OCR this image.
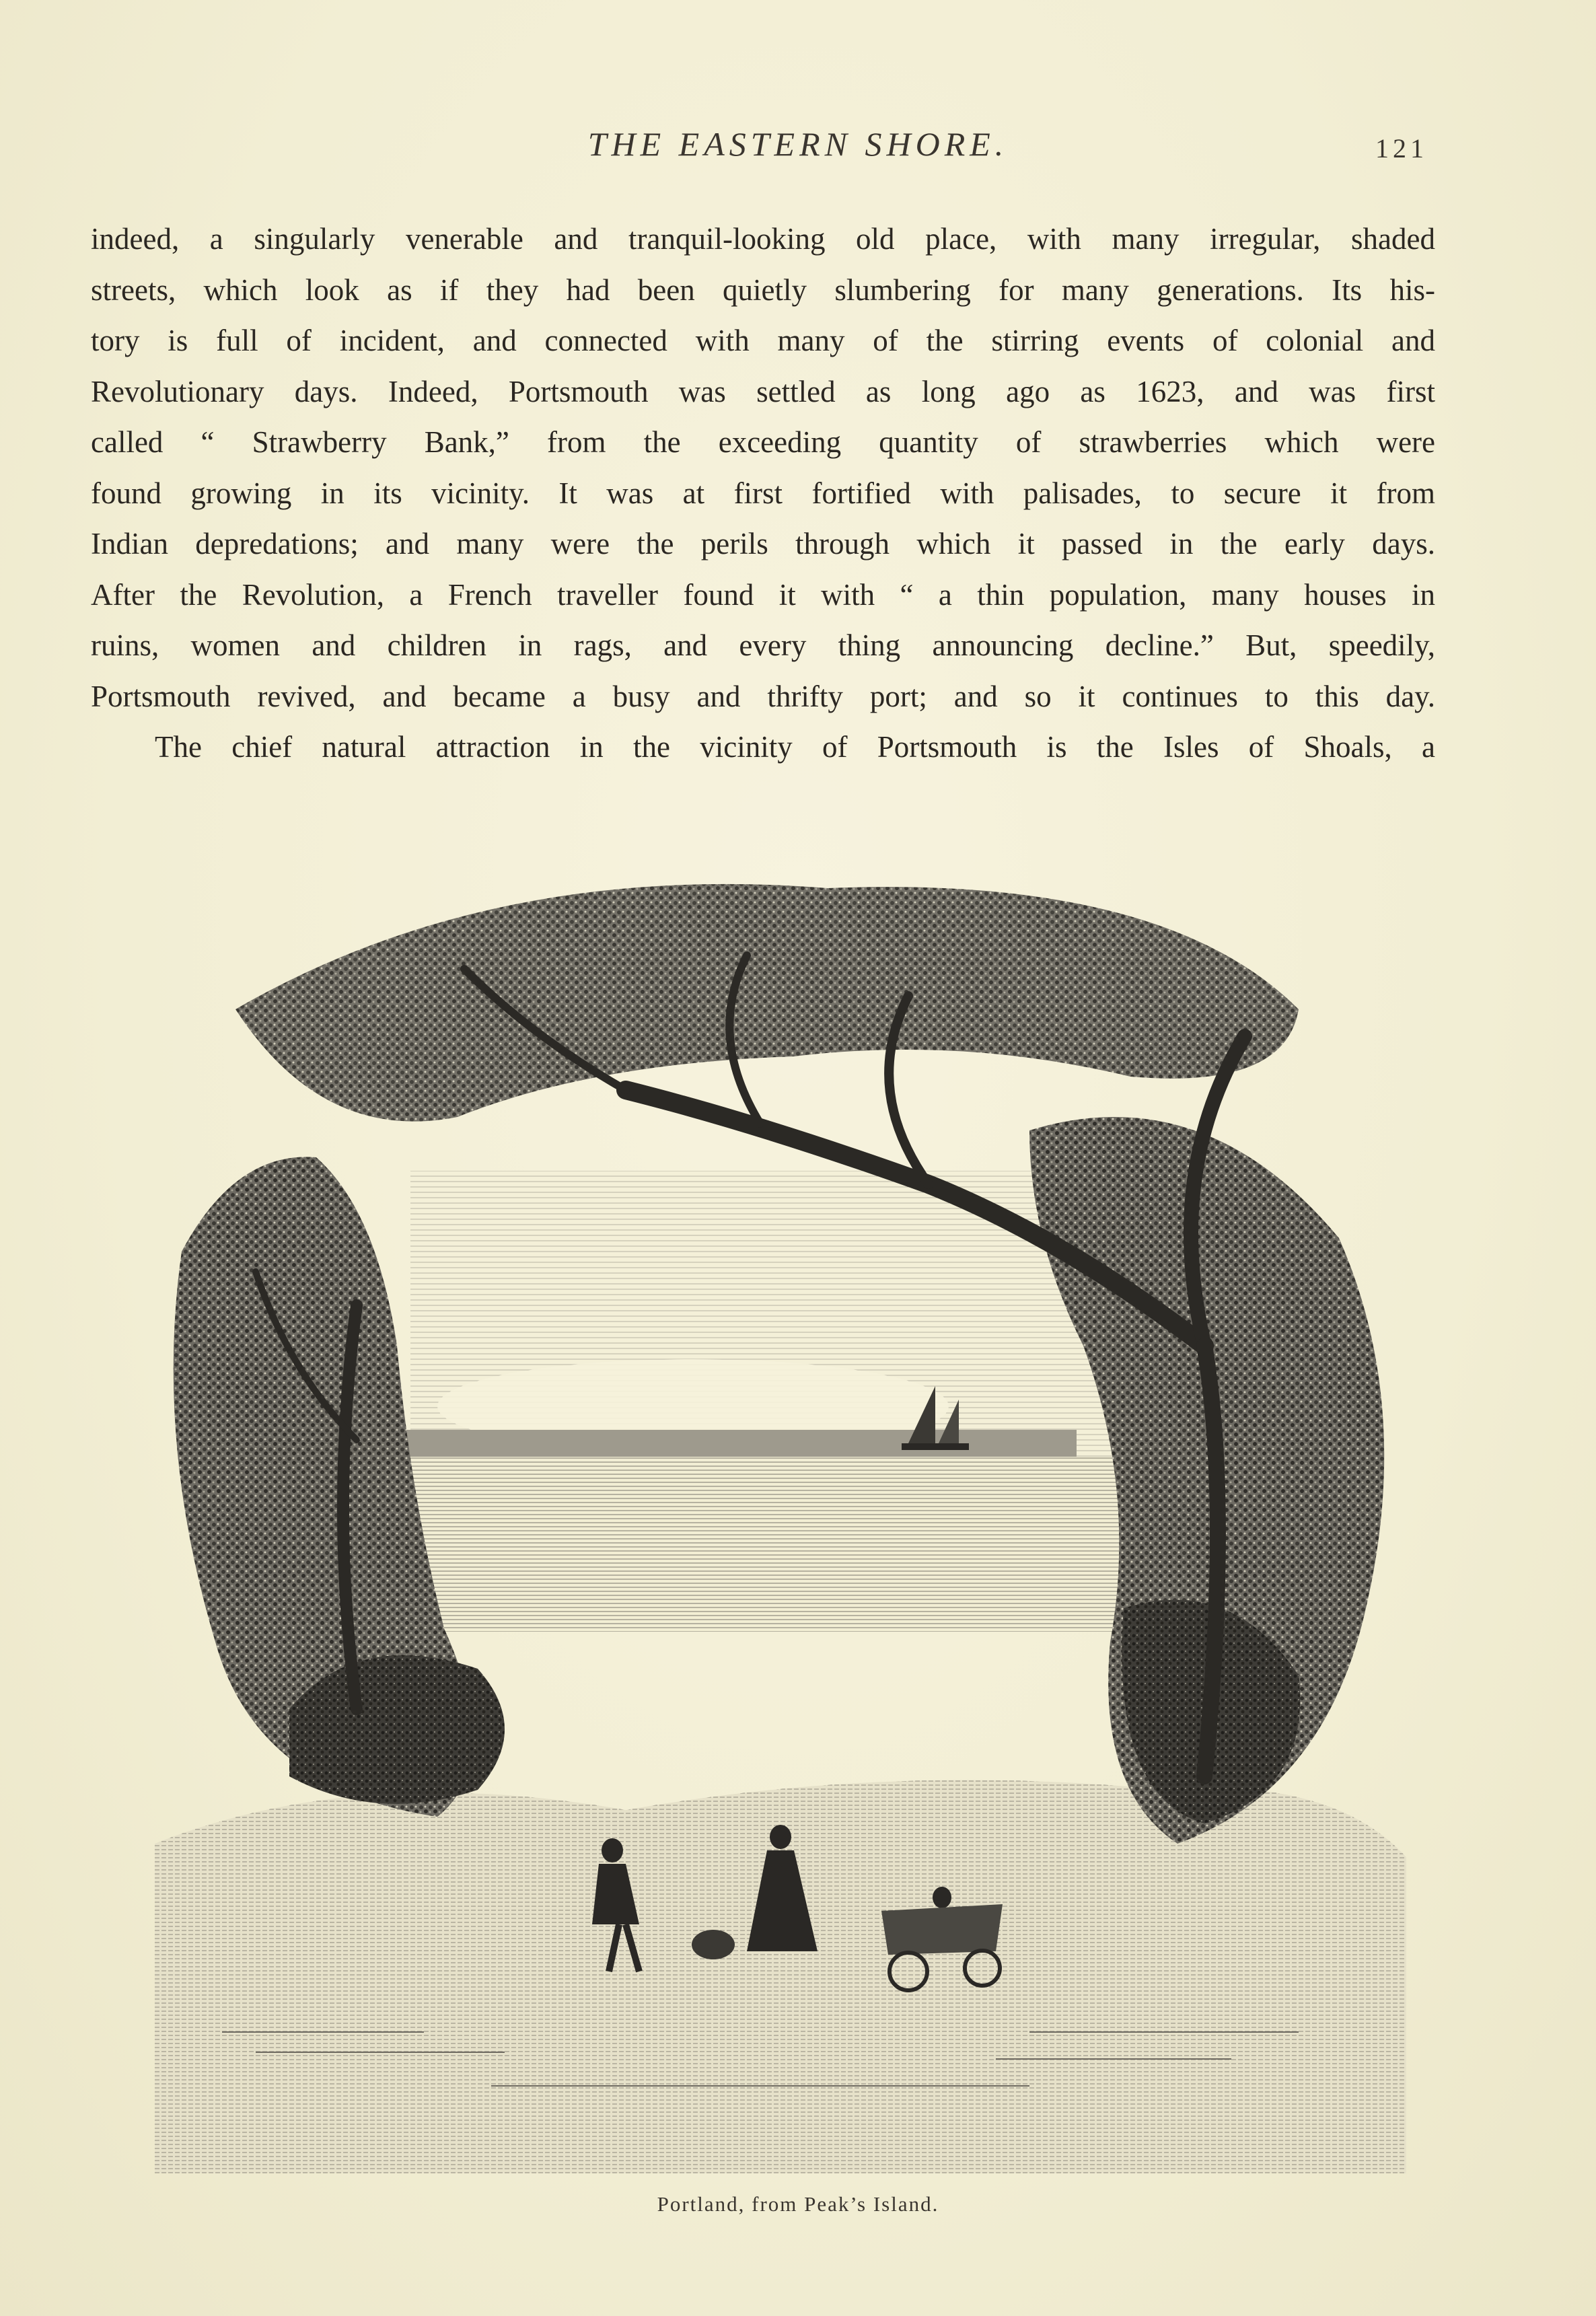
THE EASTERN SHORE.	121
indeed, a singularly venerable and tranquil-looking old place, with many irregular, shaded
streets, which look as if they had been quietly slumbering for many generations. Its his-
tory is full of incident, and connected with many of the stirring events of colonial and
Revolutionary days. Indeed, Portsmouth was settled as long ago as 1623, and was first
called “ Strawberry Bank,” from the exceeding quantity of strawberries which were
found growing in its vicinity. It was at first fortified with palisades, to secure it from
Indian depredations; and many were the perils through which it passed in the early days.
After the Revolution, a French traveller found it with “ a thin population, many houses in
ruins, women and children in rags, and every thing announcing decline.” But, speedily,
Portsmouth revived, and became a busy and thrifty port; and so it continues to this day.
The chief natural attraction in the vicinity of Portsmouth is the Isles of Shoals, a
Portland, from Peak’s Island.
